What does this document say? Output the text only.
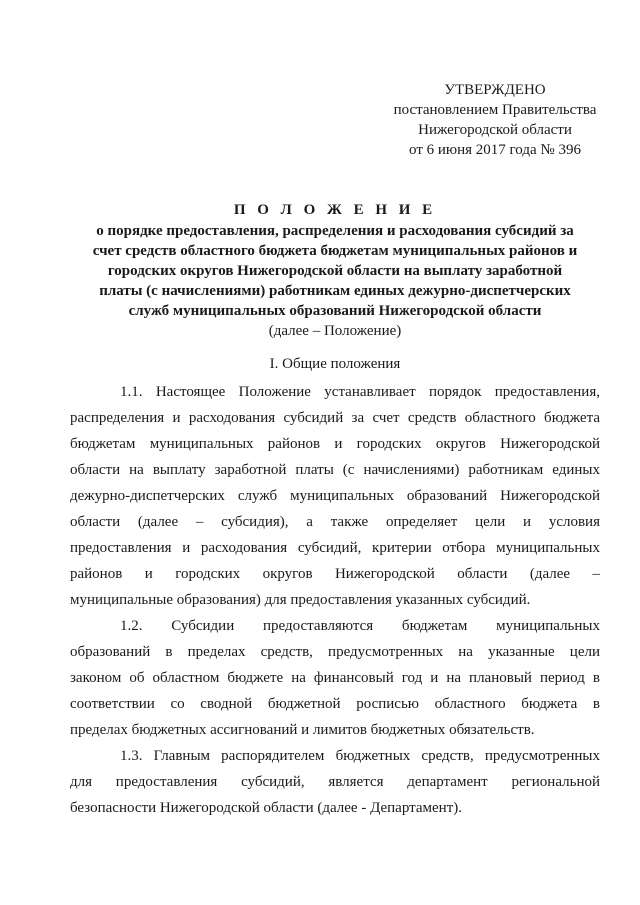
УТВЕРЖДЕНО
постановлением Правительства
Нижегородской области
от 6 июня 2017 года № 396
П О Л О Ж Е Н И Е
о порядке предоставления, распределения и расходования субсидий за
счет средств областного бюджета бюджетам муниципальных районов и
городских округов Нижегородской области на выплату заработной
платы (с начислениями) работникам единых дежурно-диспетчерских
служб муниципальных образований Нижегородской области
(далее – Положение)
I. Общие положения
1.1. Настоящее Положение устанавливает порядок предоставления,
распределения и расходования субсидий за счет средств областного бюджета
бюджетам муниципальных районов и городских округов Нижегородской
области на выплату заработной платы (с начислениями) работникам единых
дежурно-диспетчерских служб муниципальных образований Нижегородской
области (далее – субсидия), а также определяет цели и условия
предоставления и расходования субсидий, критерии отбора муниципальных
районов и городских округов Нижегородской области (далее –
муниципальные образования) для предоставления указанных субсидий.
1.2. Субсидии предоставляются бюджетам муниципальных
образований в пределах средств, предусмотренных на указанные цели
законом об областном бюджете на финансовый год и на плановый период в
соответствии со сводной бюджетной росписью областного бюджета в
пределах бюджетных ассигнований и лимитов бюджетных обязательств.
1.3. Главным распорядителем бюджетных средств, предусмотренных
для предоставления субсидий, является департамент региональной
безопасности Нижегородской области (далее - Департамент).
